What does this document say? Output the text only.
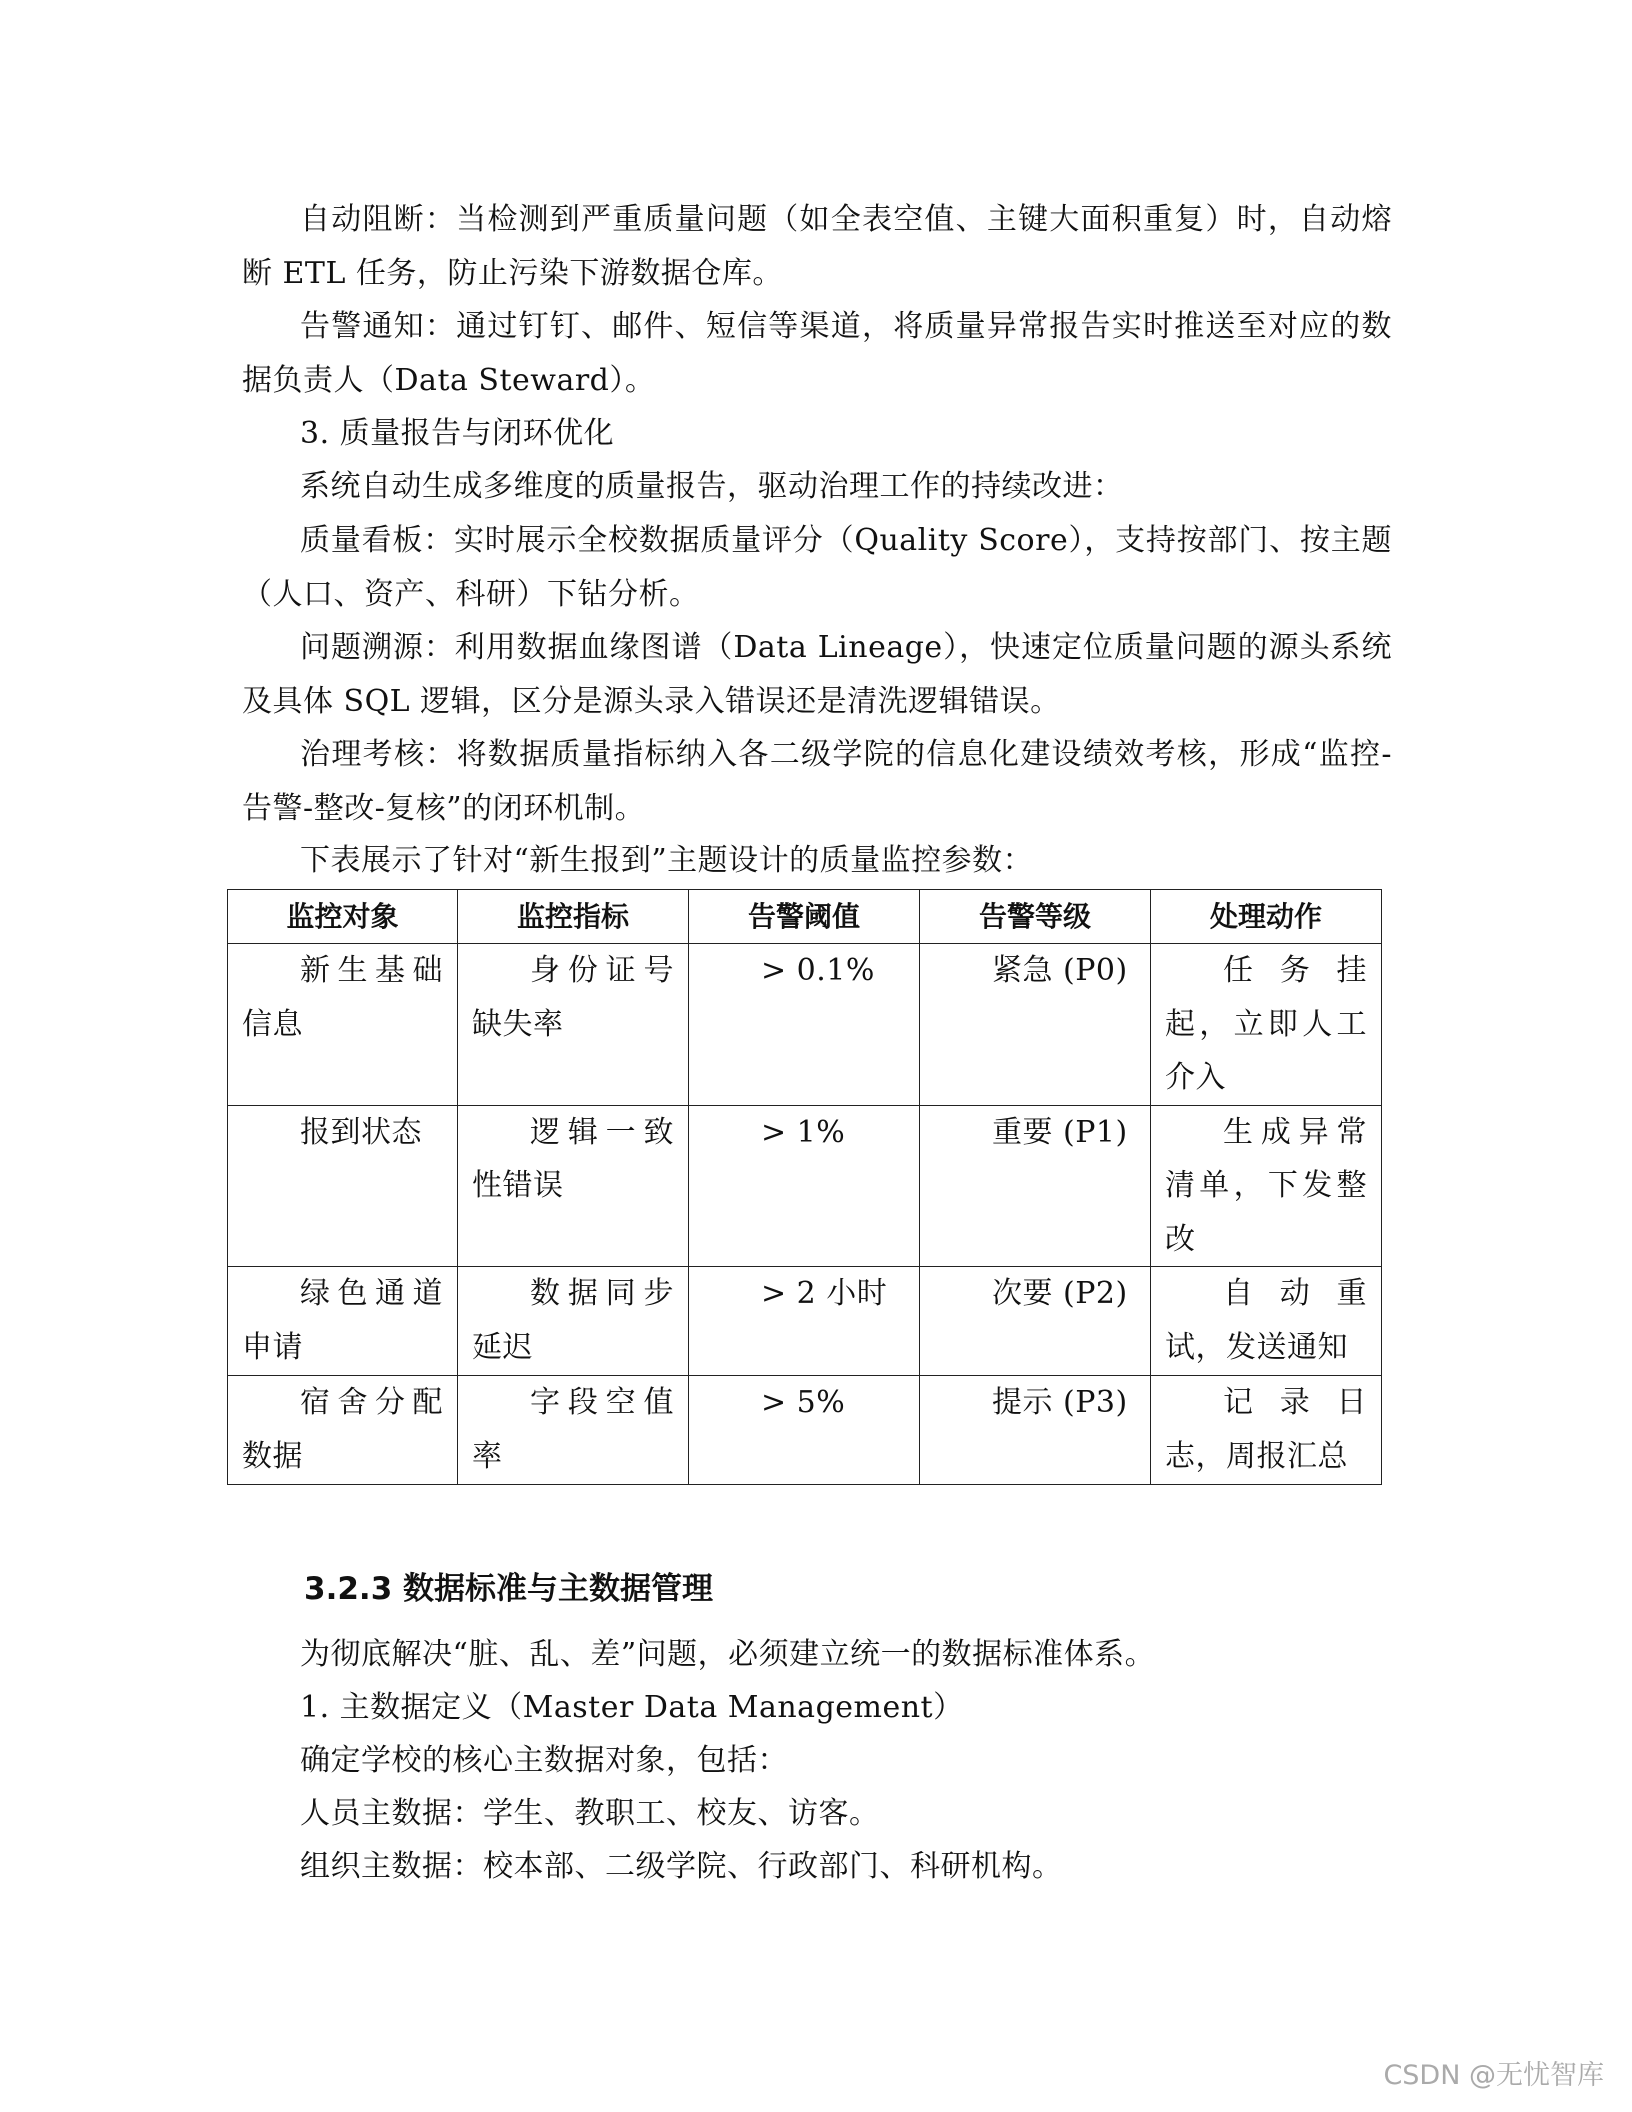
自动阻断：当检测到严重质量问题（如全表空值、主键大面积重复）时，自动熔断 ETL 任务，防止污染下游数据仓库。

告警通知：通过钉钉、邮件、短信等渠道，将质量异常报告实时推送至对应的数据负责人（Data Steward）。

3. 质量报告与闭环优化

系统自动生成多维度的质量报告，驱动治理工作的持续改进：

质量看板：实时展示全校数据质量评分（Quality Score），支持按部门、按主题（人口、资产、科研）下钻分析。

问题溯源：利用数据血缘图谱（Data Lineage），快速定位质量问题的源头系统及具体 SQL 逻辑，区分是源头录入错误还是清洗逻辑错误。

治理考核：将数据质量指标纳入各二级学院的信息化建设绩效考核，形成“监控-告警-整改-复核”的闭环机制。

下表展示了针对“新生报到”主题设计的质量监控参数：

监控对象	监控指标	告警阈值	告警等级	处理动作
新生基础信息	身份证号缺失率	> 0.1%	紧急 (P0)	任务挂起，立即人工介入
报到状态	逻辑一致性错误	> 1%	重要 (P1)	生成异常清单，下发整改
绿色通道申请	数据同步延迟	> 2 小时	次要 (P2)	自动重试，发送通知
宿舍分配数据	字段空值率	> 5%	提示 (P3)	记录日志，周报汇总
3.2.3 数据标准与主数据管理

为彻底解决“脏、乱、差”问题，必须建立统一的数据标准体系。

1. 主数据定义（Master Data Management）

确定学校的核心主数据对象，包括：

人员主数据：学生、教职工、校友、访客。

组织主数据：校本部、二级学院、行政部门、科研机构。

CSDN @无忧智库
